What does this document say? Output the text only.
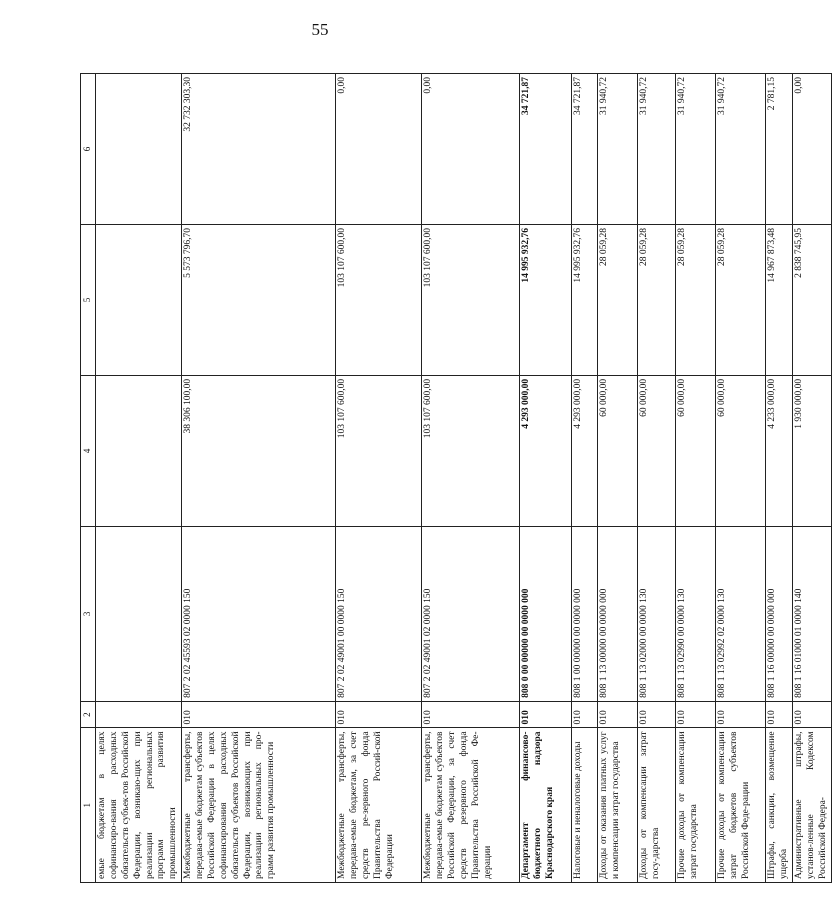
55
1	2	3	4	5	6
емые бюджетам в целях софинансиро-вания расходных обязательств субъек-тов Российской Федерации, возникаю-щих при реализации региональных программ развития промышленности					
Межбюджетные трансферты, передава-емые бюджетам субъектов Российской Федерации в целях софинансирования расходных обязательств субъектов Российской Федерации, возникающих при реализации региональных про-грамм развития промышленности	010	807 2 02 45593 02 0000 150	38 306 100,00	5 573 796,70	32 732 303,30
Межбюджетные трансферты, передава-емые бюджетам, за счет средств ре-зервного фонда Правительства Россий-ской Федерации	010	807 2 02 49001 00 0000 150	103 107 600,00	103 107 600,00	0,00
Межбюджетные трансферты, передава-емые бюджетам субъектов Российской Федерации, за счет средств резервного фонда Правительства Российской Фе-дерации	010	807 2 02 49001 02 0000 150	103 107 600,00	103 107 600,00	0,00
Департамент финансово-бюджетного надзора Краснодарского края	010	808 0 00 00000 00 0000 000	4 293 000,00	14 995 932,76	34 721,87
Налоговые и неналоговые доходы	010	808 1 00 00000 00 0000 000	4 293 000,00	14 995 932,76	34 721,87
Доходы от оказания платных услуг и компенсации затрат государства	010	808 1 13 00000 00 0000 000	60 000,00	28 059,28	31 940,72
Доходы от компенсации затрат госу-дарства	010	808 1 13 02000 00 0000 130	60 000,00	28 059,28	31 940,72
Прочие доходы от компенсации затрат государства	010	808 1 13 02990 00 0000 130	60 000,00	28 059,28	31 940,72
Прочие доходы от компенсации затрат бюджетов субъектов Российской Феде-рации	010	808 1 13 02992 02 0000 130	60 000,00	28 059,28	31 940,72
Штрафы, санкции, возмещение ущерба	010	808 1 16 00000 00 0000 000	4 233 000,00	14 967 873,48	2 781,15
Административные штрафы, установ-ленные Кодексом Российской Федера-	010	808 1 16 01000 01 0000 140	1 930 000,00	2 838 745,95	0,00
